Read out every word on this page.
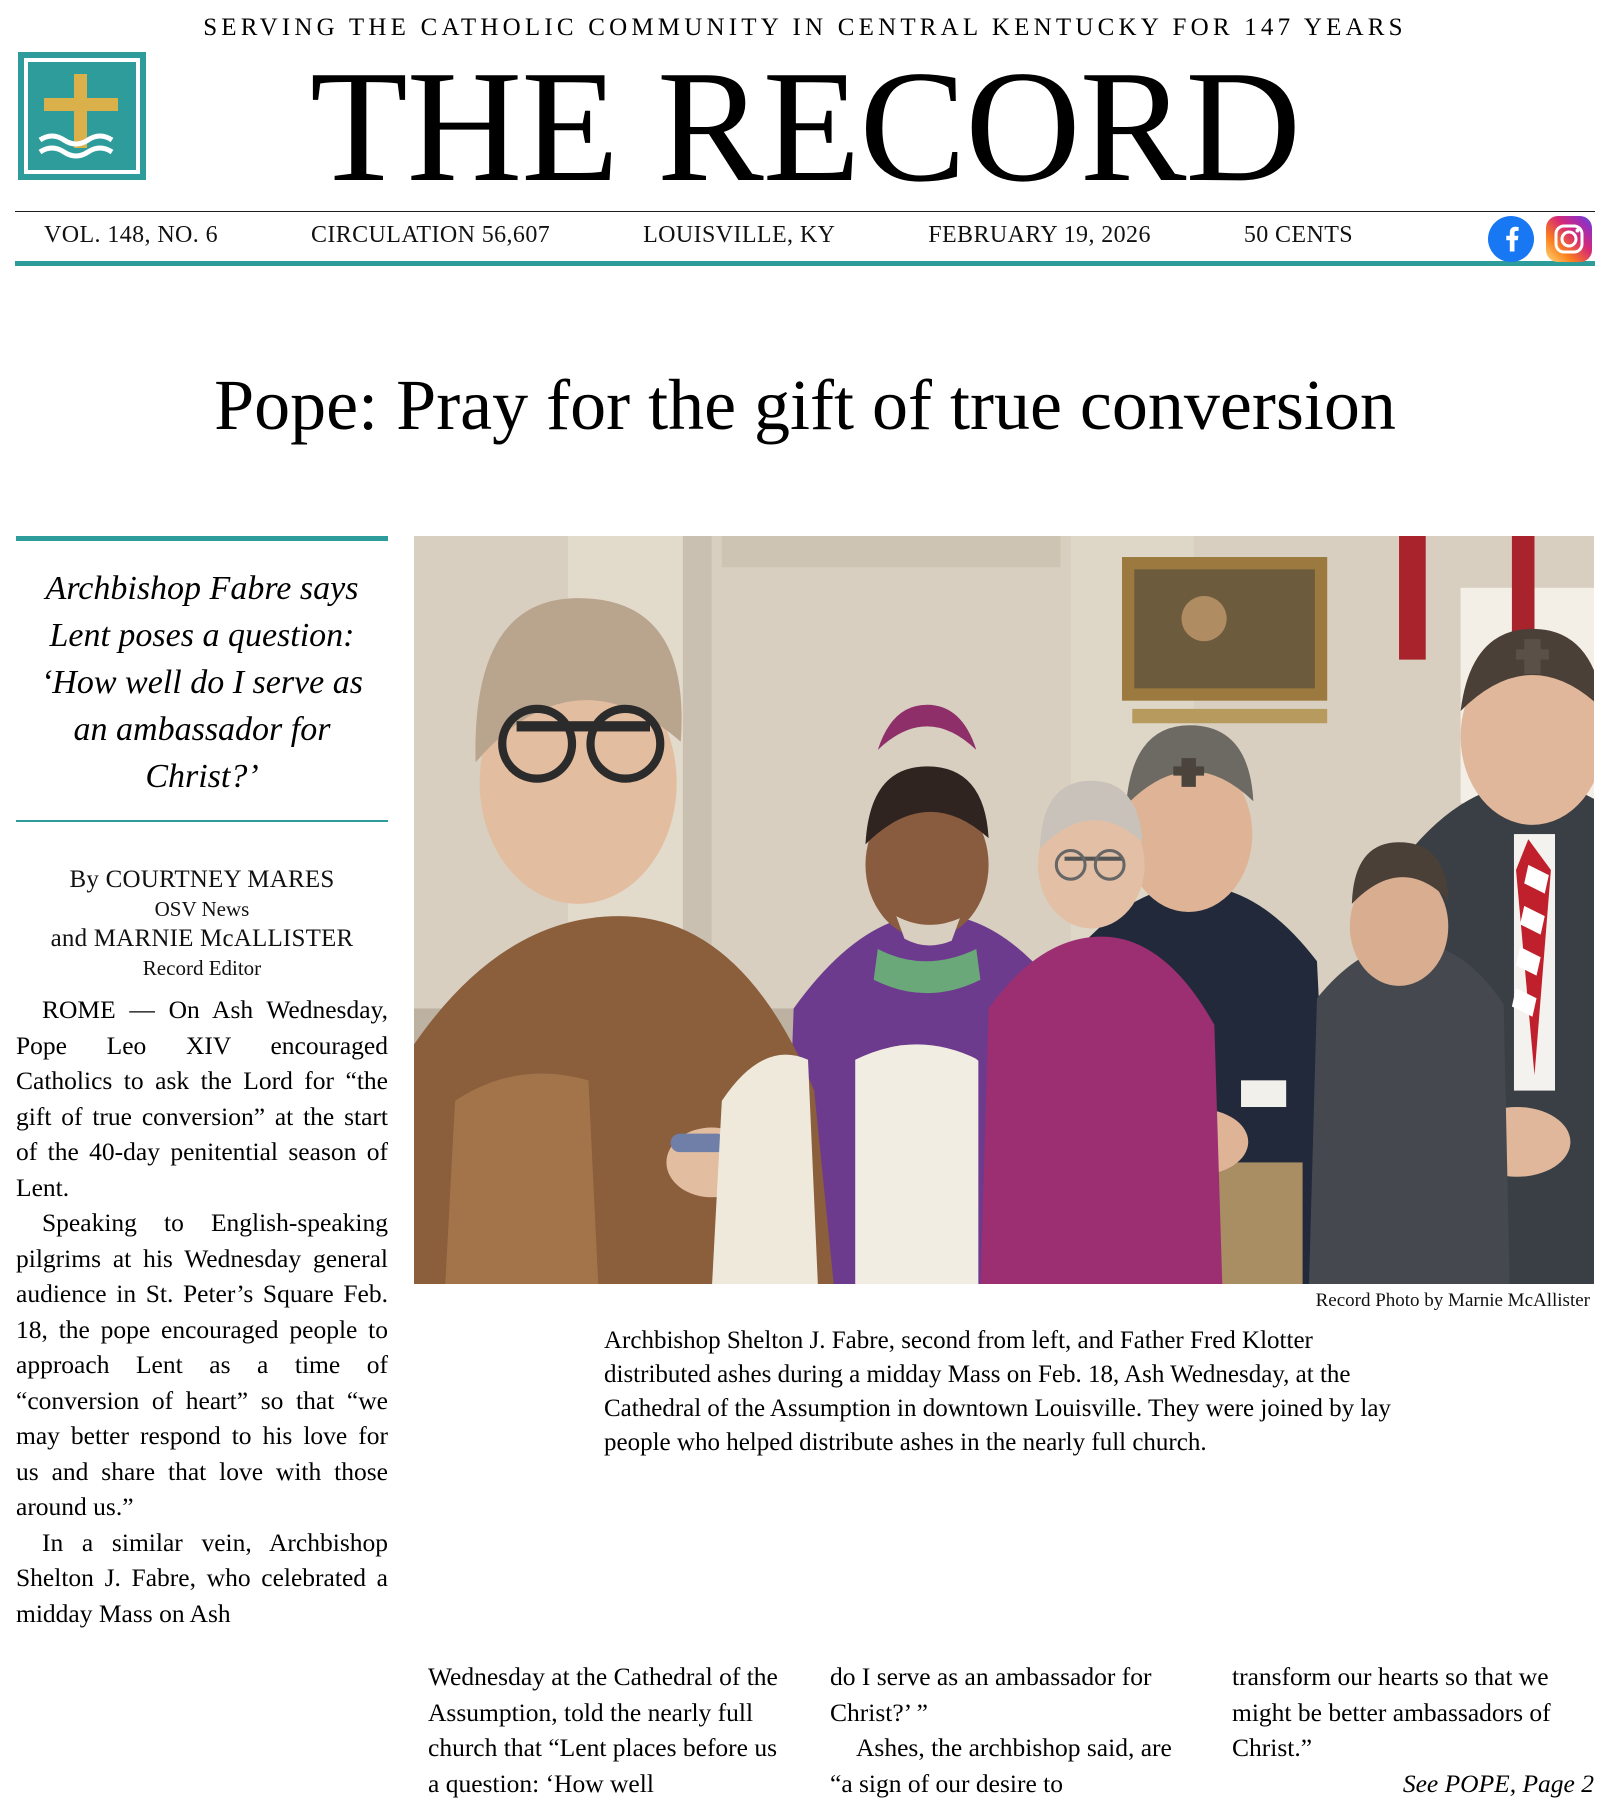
SERVING THE CATHOLIC COMMUNITY IN CENTRAL KENTUCKY FOR 147 YEARS
THE RECORD
VOL. 148, NO. 6	CIRCULATION 56,607	LOUISVILLE, KY	FEBRUARY 19, 2026	50 CENTS

Pope: Pray for the gift of true conversion
Archbishop Fabre says Lent poses a question: ‘How well do I serve as an ambassador for Christ?’
By COURTNEY MARES
OSV News
and MARNIE McALLISTER
Record Editor

ROME — On Ash Wednesday, Pope Leo XIV encouraged Catholics to ask the Lord for “the gift of true conversion” at the start of the 40-day penitential season of Lent.

Speaking to English-speaking pilgrims at his Wednesday general audience in St. Peter’s Square Feb. 18, the pope encouraged people to approach Lent as a time of “conversion of heart” so that “we may better respond to his love for us and share that love with those around us.”

In a similar vein, Archbishop Shelton J. Fabre, who celebrated a midday Mass on Ash

Record Photo by Marnie McAllister
Archbishop Shelton J. Fabre, second from left, and Father Fred Klotter distributed ashes during a midday Mass on Feb. 18, Ash Wednesday, at the Cathedral of the Assumption in downtown Louisville. They were joined by lay people who helped distribute ashes in the nearly full church.

Wednesday at the Cathedral of the Assumption, told the nearly full church that “Lent places before us a question: ‘How well

do I serve as an ambassador for Christ?’ ”

Ashes, the archbishop said, are “a sign of our desire to

transform our hearts so that we might be better ambassadors of Christ.”

See POPE, Page 2
